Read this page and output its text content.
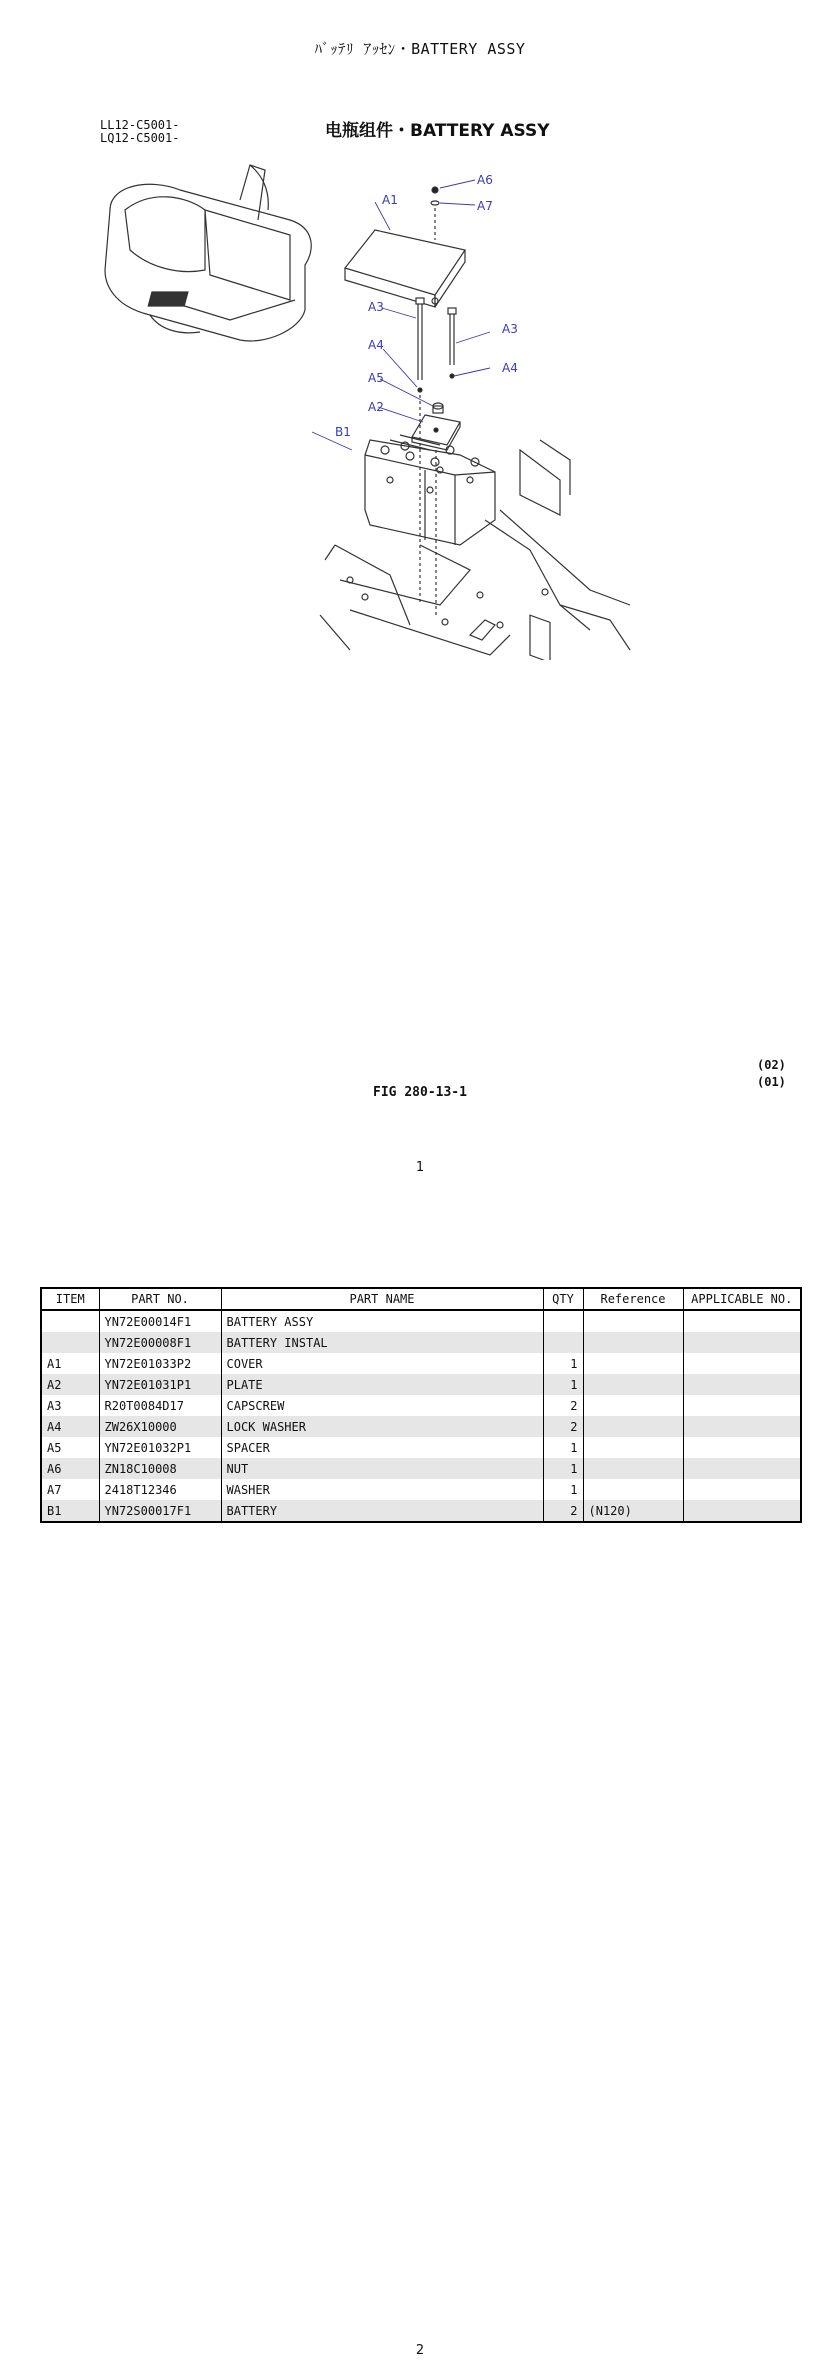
ﾊﾞｯﾃﾘ ｱｯｾﾝ・BATTERY ASSY
LL12-C5001-
LQ12-C5001-	电瓶组件・BATTERY ASSY
A6
A7
A1
A3
A3
A4
A4
A5
A2
B1
(02)
(01)
FIG 280-13-1
1
ITEM	PART NO.	PART NAME	QTY	Reference	APPLICABLE NO.
	YN72E00014F1	BATTERY ASSY			
	YN72E00008F1	BATTERY INSTAL			
A1	YN72E01033P2	COVER	1		
A2	YN72E01031P1	PLATE	1		
A3	R20T0084D17	CAPSCREW	2		
A4	ZW26X10000	LOCK WASHER	2		
A5	YN72E01032P1	SPACER	1		
A6	ZN18C10008	NUT	1		
A7	2418T12346	WASHER	1		
B1	YN72S00017F1	BATTERY	2	(N120)	
2
